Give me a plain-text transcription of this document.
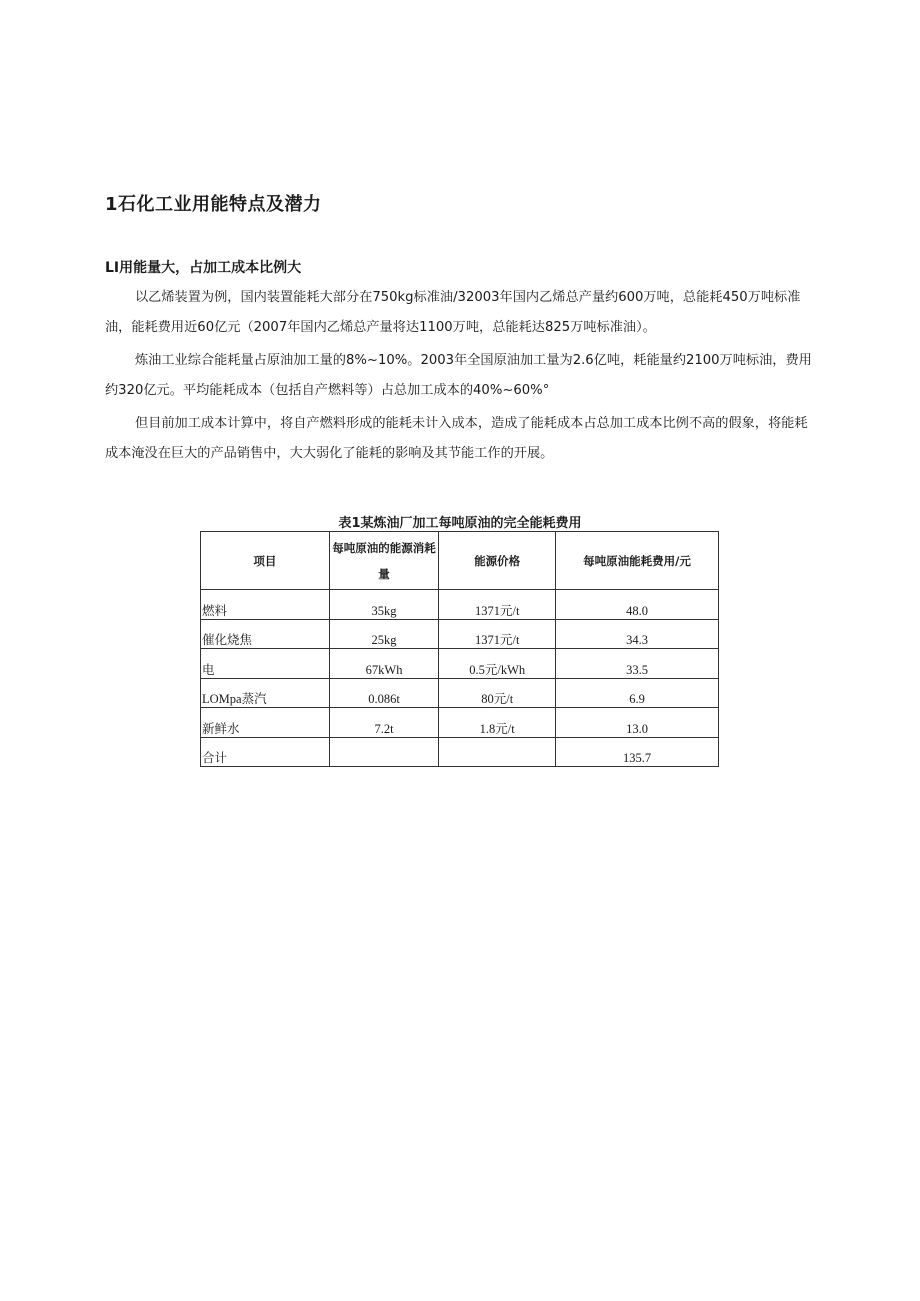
1石化工业用能特点及潜力
LI用能量大，占加工成本比例大

以乙烯装置为例，国内装置能耗大部分在750kg标准油/32003年国内乙烯总产量约600万吨，总能耗450万吨标准油，能耗费用近60亿元（2007年国内乙烯总产量将达1100万吨，总能耗达825万吨标准油）。

炼油工业综合能耗量占原油加工量的8%~10%。2003年全国原油加工量为2.6亿吨，耗能量约2100万吨标油，费用约320亿元。平均能耗成本（包括自产燃料等）占总加工成本的40%~60%°

但目前加工成本计算中，将自产燃料形成的能耗未计入成本，造成了能耗成本占总加工成本比例不高的假象，将能耗成本淹没在巨大的产品销售中，大大弱化了能耗的影响及其节能工作的开展。

表1某炼油厂加工每吨原油的完全能耗费用
项目	每吨原油的能源消耗量	能源价格	每吨原油能耗费用/元
燃料	35kg	1371元/t	48.0
催化烧焦	25kg	1371元/t	34.3
电	67kWh	0.5元/kWh	33.5
LOMpa蒸汽	0.086t	80元/t	6.9
新鲜水	7.2t	1.8元/t	13.0
合计			135.7
